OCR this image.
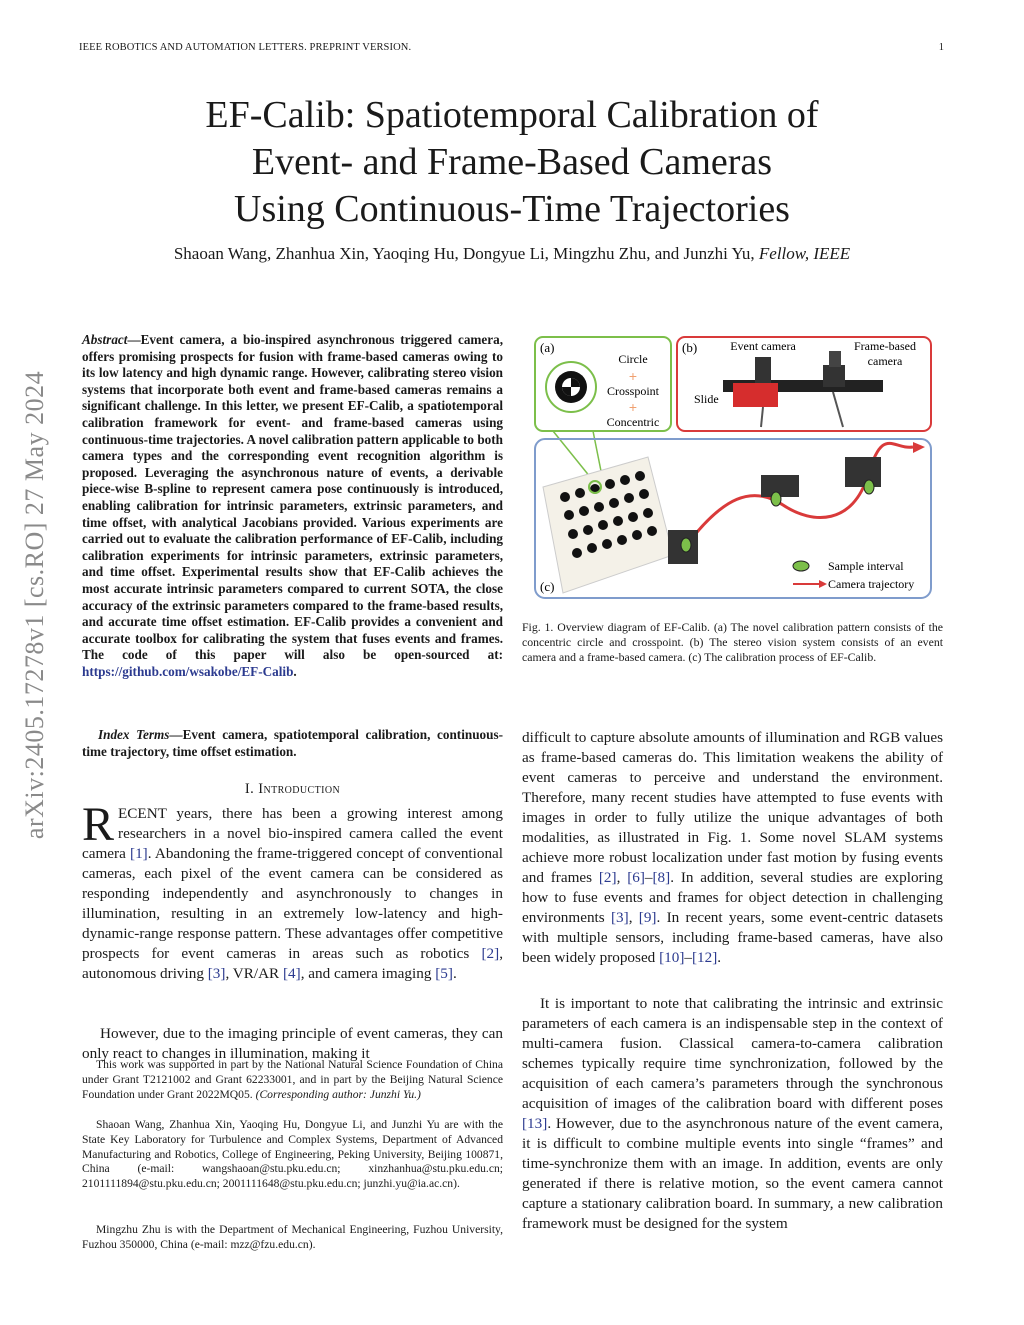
IEEE ROBOTICS AND AUTOMATION LETTERS. PREPRINT VERSION.	1
EF-Calib: Spatiotemporal Calibration of
Event- and Frame-Based Cameras
Using Continuous-Time Trajectories
Shaoan Wang, Zhanhua Xin, Yaoqing Hu, Dongyue Li, Mingzhu Zhu, and Junzhi Yu, Fellow, IEEE
arXiv:2405.17278v1 [cs.RO] 27 May 2024
Abstract—Event camera, a bio-inspired asynchronous triggered camera, offers promising prospects for fusion with frame-based cameras owing to its low latency and high dynamic range. However, calibrating stereo vision systems that incorporate both event and frame-based cameras remains a significant challenge. In this letter, we present EF-Calib, a spatiotemporal calibration framework for event- and frame-based cameras using continuous-time trajectories. A novel calibration pattern applicable to both camera types and the corresponding event recognition algorithm is proposed. Leveraging the asynchronous nature of events, a derivable piece-wise B-spline to represent camera pose continuously is introduced, enabling calibration for intrinsic parameters, extrinsic parameters, and time offset, with analytical Jacobians provided. Various experiments are carried out to evaluate the calibration performance of EF-Calib, including calibration experiments for intrinsic parameters, extrinsic parameters, and time offset. Experimental results show that EF-Calib achieves the most accurate intrinsic parameters compared to current SOTA, the close accuracy of the extrinsic parameters compared to the frame-based results, and accurate time offset estimation. EF-Calib provides a convenient and accurate toolbox for calibrating the system that fuses events and frames. The code of this paper will also be open-sourced at: https://github.com/wsakobe/EF-Calib.
Index Terms—Event camera, spatiotemporal calibration, continuous-time trajectory, time offset estimation.
I. Introduction
RECENT years, there has been a growing interest among researchers in a novel bio-inspired camera called the event camera [1]. Abandoning the frame-triggered concept of conventional cameras, each pixel of the event camera can be considered as responding independently and asynchronously to changes in illumination, resulting in an extremely low-latency and high-dynamic-range response pattern. These advantages offer competitive prospects for event cameras in areas such as robotics [2], autonomous driving [3], VR/AR [4], and camera imaging [5].
However, due to the imaging principle of event cameras, they can only react to changes in illumination, making it
This work was supported in part by the National Natural Science Foundation of China under Grant T2121002 and Grant 62233001, and in part by the Beijing Natural Science Foundation under Grant 2022MQ05. (Corresponding author: Junzhi Yu.)
Shaoan Wang, Zhanhua Xin, Yaoqing Hu, Dongyue Li, and Junzhi Yu are with the State Key Laboratory for Turbulence and Complex Systems, Department of Advanced Manufacturing and Robotics, College of Engineering, Peking University, Beijing 100871, China (e-mail: wangshaoan@stu.pku.edu.cn; xinzhanhua@stu.pku.edu.cn; 2101111894@stu.pku.edu.cn; 2001111648@stu.pku.edu.cn; junzhi.yu@ia.ac.cn).
Mingzhu Zhu is with the Department of Mechanical Engineering, Fuzhou University, Fuzhou 350000, China (e-mail: mzz@fzu.edu.cn).
(a)
Circle
+
Crosspoint
+
Concentric
(b)	Event camera	Frame-based
camera
Slide
(c)
Sample interval
Camera trajectory
Fig. 1. Overview diagram of EF-Calib. (a) The novel calibration pattern consists of the concentric circle and crosspoint. (b) The stereo vision system consists of an event camera and a frame-based camera. (c) The calibration process of EF-Calib.
difficult to capture absolute amounts of illumination and RGB values as frame-based cameras do. This limitation weakens the ability of event cameras to perceive and understand the environment. Therefore, many recent studies have attempted to fuse events with images in order to fully utilize the unique advantages of both modalities, as illustrated in Fig. 1. Some novel SLAM systems achieve more robust localization under fast motion by fusing events and frames [2], [6]–[8]. In addition, several studies are exploring how to fuse events and frames for object detection in challenging environments [3], [9]. In recent years, some event-centric datasets with multiple sensors, including frame-based cameras, have also been widely proposed [10]–[12].
It is important to note that calibrating the intrinsic and extrinsic parameters of each camera is an indispensable step in the context of multi-camera fusion. Classical camera-to-camera calibration schemes typically require time synchronization, followed by the acquisition of each camera’s parameters through the synchronous acquisition of images of the calibration board with different poses [13]. However, due to the asynchronous nature of the event camera, it is difficult to combine multiple events into single “frames” and time-synchronize them with an image. In addition, events are only generated if there is relative motion, so the event camera cannot capture a stationary calibration board. In summary, a new calibration framework must be designed for the system
